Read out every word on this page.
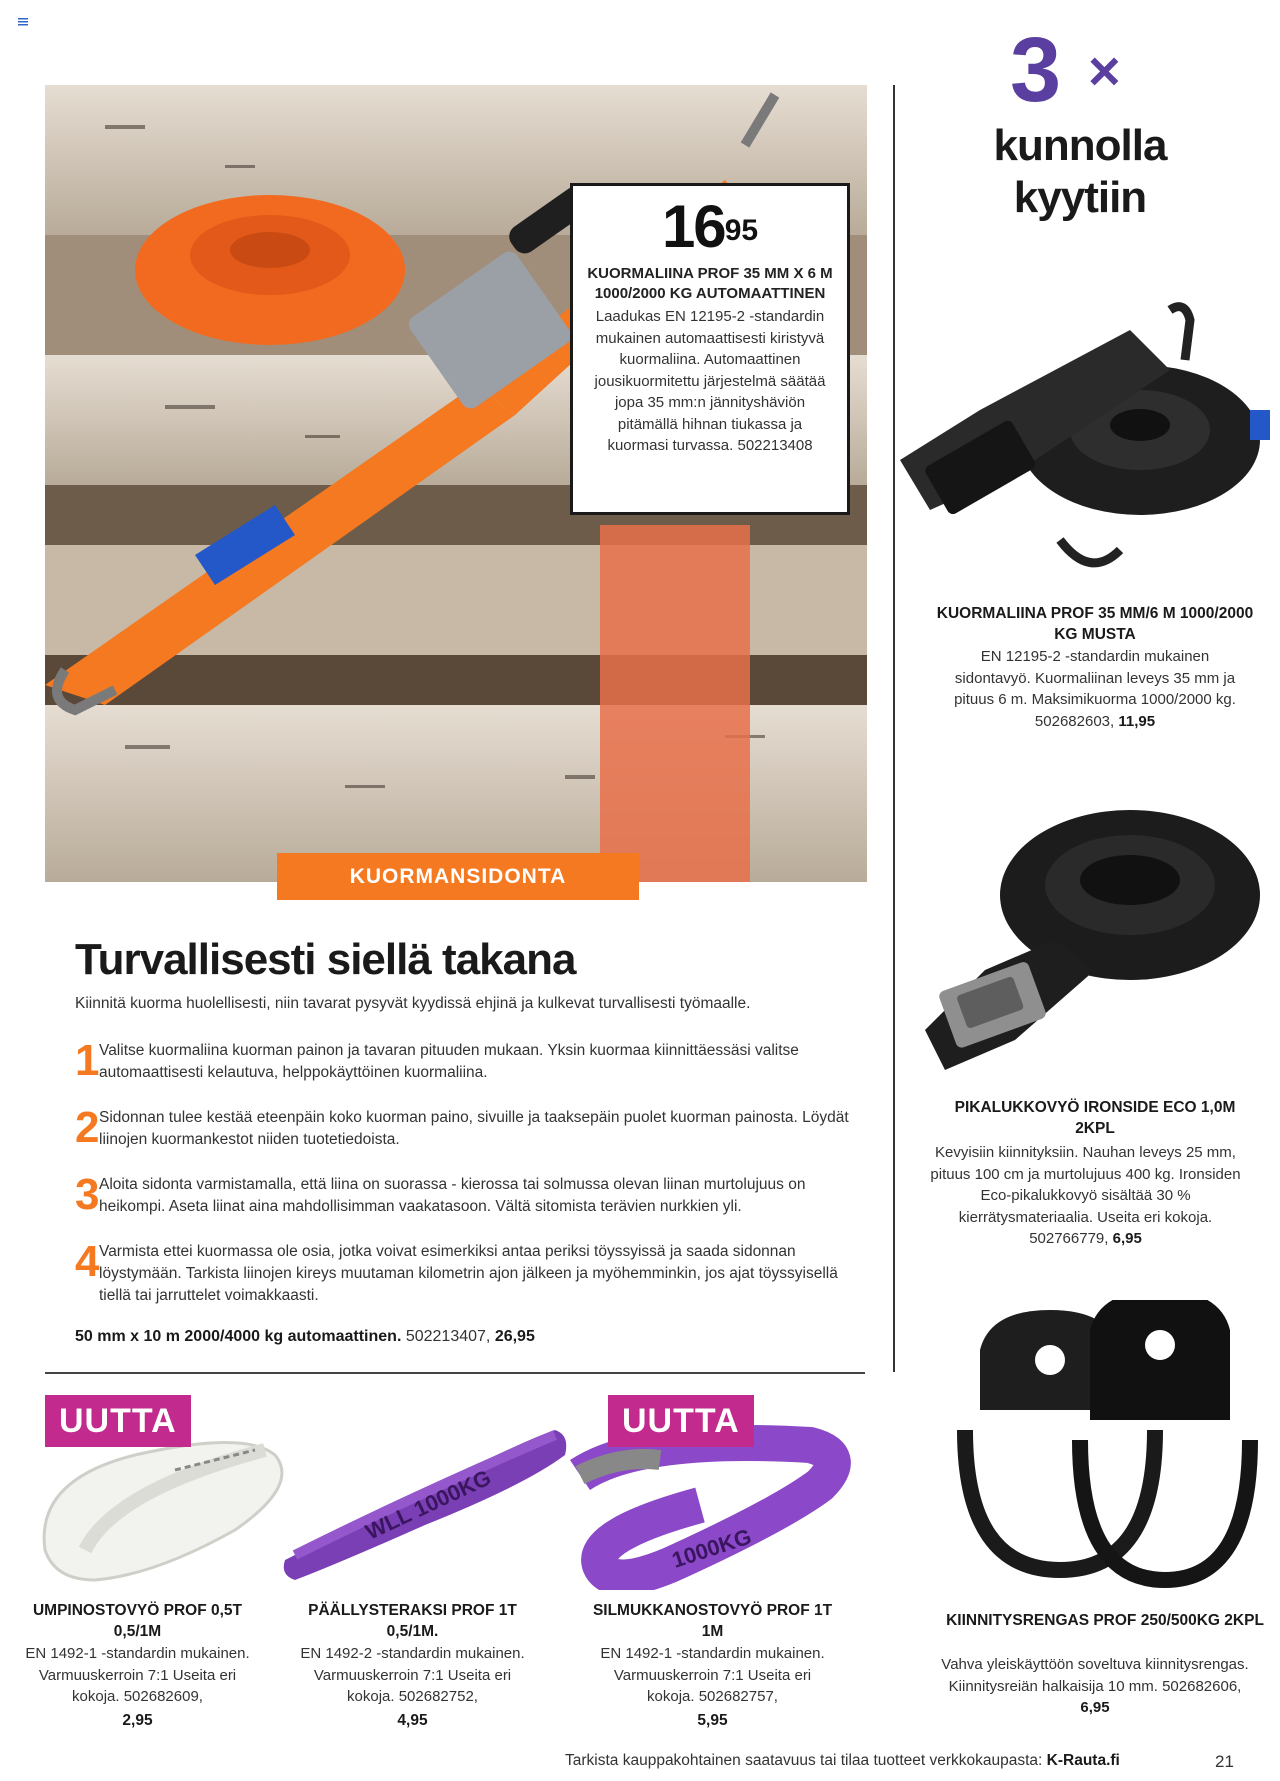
$16^{95}$
KUORMALIINA PROF 35 MM X 6 M 1000/2000 KG AUTOMAATTINEN
Laadukas EN 12195-2 -standardin mukainen automaattisesti kiristyvä kuormaliina. Automaattinen jousikuormitettu järjestelmä säätää jopa 35 mm:n jännityshäviön pitämällä hihnan tiukassa ja kuormasi turvassa. 502213408
KUORMANSIDONTA
3 ×
kunnolla
kyytiin
KUORMALIINA PROF 35 MM/6 M 1000/2000 KG MUSTA
EN 12195-2 -standardin mukainen sidontavyö. Kuormaliinan leveys 35 mm ja pituus 6 m. Maksimikuorma 1000/2000 kg. 502682603, 11,95
PIKALUKKOVYÖ IRONSIDE ECO 1,0M 2KPL
Kevyisiin kiinnityksiin. Nauhan leveys 25 mm, pituus 100 cm ja murtolujuus 400 kg. Ironsiden Eco-pikalukkovyö sisältää 30 % kierrätysmateriaalia. Useita eri kokoja. 502766779, 6,95
KIINNITYSRENGAS PROF 250/500KG 2KPL
Vahva yleiskäyttöön soveltuva kiinnitysrengas. Kiinnitysreiän halkaisija 10 mm. 502682606, 6,95
Turvallisesti siellä takana
Kiinnitä kuorma huolellisesti, niin tavarat pysyvät kyydissä ehjinä ja kulkevat turvallisesti työmaalle.
1 Valitse kuormaliina kuorman painon ja tavaran pituuden mukaan. Yksin kuormaa kiinnittäessäsi valitse automaattisesti kelautuva, helppokäyttöinen kuormaliina.
2 Sidonnan tulee kestää eteenpäin koko kuorman paino, sivuille ja taaksepäin puolet kuorman painosta. Löydät liinojen kuormankestot niiden tuotetiedoista.
3 Aloita sidonta varmistamalla, että liina on suorassa - kierossa tai solmussa olevan liinan murtolujuus on heikompi. Aseta liinat aina mahdollisimman vaakatasoon. Vältä sitomista terävien nurkkien yli.
4 Varmista ettei kuormassa ole osia, jotka voivat esimerkiksi antaa periksi töyssyissä ja saada sidonnan löystymään. Tarkista liinojen kireys muutaman kilometrin ajon jälkeen ja myöhemminkin, jos ajat töyssyisellä tiellä tai jarruttelet voimakkaasti.
50 mm x 10 m 2000/4000 kg automaattinen. 502213407, 26,95
UUTTA
WLL 1000KG
1000KG
UUTTA
UMPINOSTOVYÖ PROF 0,5T 0,5/1M
EN 1492-1 -standardin mukainen. Varmuuskerroin 7:1 Useita eri kokoja. 502682609,
2,95
PÄÄLLYSTERAKSI PROF 1T 0,5/1M.
EN 1492-2 -standardin mukainen. Varmuuskerroin 7:1 Useita eri kokoja. 502682752,
4,95
SILMUKKANOSTOVYÖ PROF 1T 1M
EN 1492-1 -standardin mukainen. Varmuuskerroin 7:1 Useita eri kokoja. 502682757,
5,95
Tarkista kauppakohtainen saatavuus tai tilaa tuotteet verkkokaupasta: K-Rauta.fi	21
